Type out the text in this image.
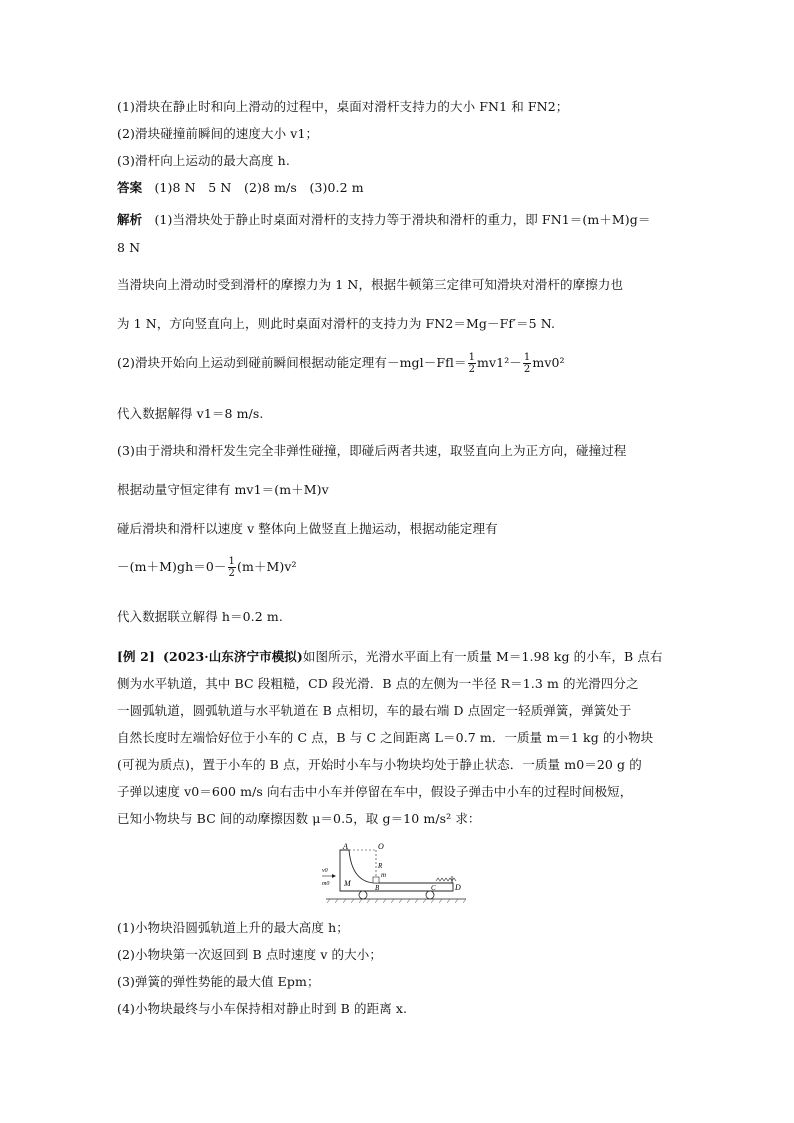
(1)滑块在静止时和向上滑动的过程中，桌面对滑杆支持力的大小 FN1 和 FN2；
(2)滑块碰撞前瞬间的速度大小 v1；
(3)滑杆向上运动的最大高度 h.
答案 (1)8 N　5 N　(2)8 m/s　(3)0.2 m
解析 (1)当滑块处于静止时桌面对滑杆的支持力等于滑块和滑杆的重力，即 FN1＝(m＋M)g＝
8 N
当滑块向上滑动时受到滑杆的摩擦力为 1 N，根据牛顿第三定律可知滑块对滑杆的摩擦力也
为 1 N，方向竖直向上，则此时桌面对滑杆的支持力为 FN2＝Mg－Ff′＝5 N.
(2)滑块开始向上运动到碰前瞬间根据动能定理有$-mgl-Ffl= \frac{1}{2} mv1^2- \frac{1}{2} mv0^2$
代入数据解得 v1＝8 m/s.
(3)由于滑块和滑杆发生完全非弹性碰撞，即碰后两者共速，取竖直向上为正方向，碰撞过程
根据动量守恒定律有 mv1＝(m＋M)v
碰后滑块和滑杆以速度 v 整体向上做竖直上抛运动，根据动能定理有
$-(m+M)gh=0- \frac{1}{2} (m+M)v^2$
代入数据联立解得 h＝0.2 m.
[例 2] (2023·山东济宁市模拟)如图所示，光滑水平面上有一质量 M＝1.98 kg 的小车，B 点右
侧为水平轨道，其中 BC 段粗糙，CD 段光滑．B 点的左侧为一半径 R＝1.3 m 的光滑四分之
一圆弧轨道，圆弧轨道与水平轨道在 B 点相切，车的最右端 D 点固定一轻质弹簧，弹簧处于
自然长度时左端恰好位于小车的 C 点，B 与 C 之间距离 L＝0.7 m．一质量 m＝1 kg 的小物块
(可视为质点)，置于小车的 B 点，开始时小车与小物块均处于静止状态．一质量 m0＝20 g 的
子弹以速度 v0＝600 m/s 向右击中小车并停留在车中，假设子弹击中小车的过程时间极短，
已知小物块与 BC 间的动摩擦因数 μ＝0.5，取 g＝10 m/s² 求：
A	O
R
m
M	B	C D
v0
m0
(1)小物块沿圆弧轨道上升的最大高度 h；
(2)小物块第一次返回到 B 点时速度 v 的大小；
(3)弹簧的弹性势能的最大值 Epm；
(4)小物块最终与小车保持相对静止时到 B 的距离 x.
